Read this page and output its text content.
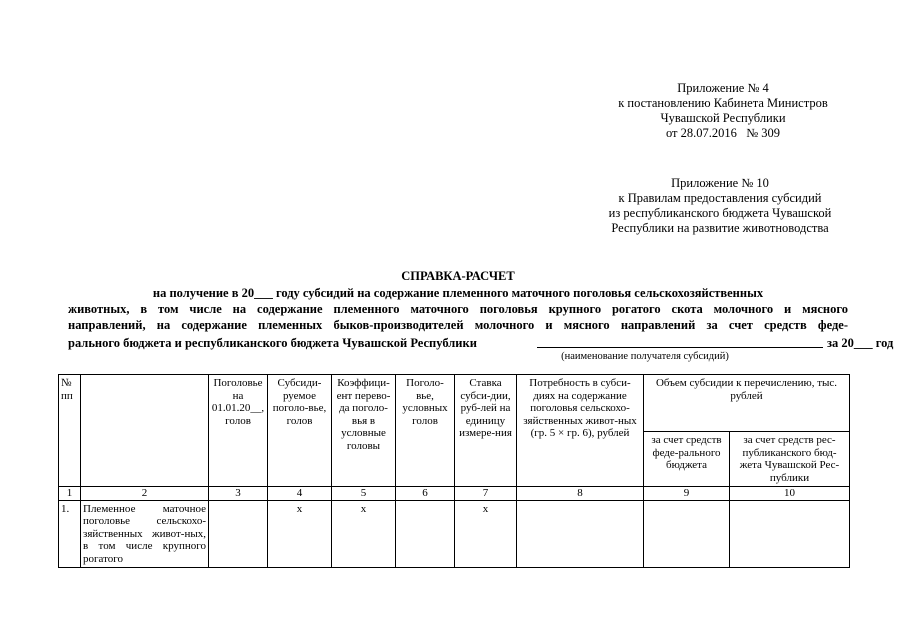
Приложение № 4
к постановлению Кабинета Министров
Чувашской Республики
от 28.07.2016   № 309
Приложение № 10
к Правилам предоставления субсидий
из республиканского бюджета Чувашской
Республики на развитие животноводства
СПРАВКА-РАСЧЕТ
на получение в 20___ году субсидий на содержание племенного маточного поголовья сельскохозяйственных
животных, в том числе на содержание племенного маточного поголовья крупного рогатого скота молочного и мясного
направлений, на содержание племенных быков-производителей молочного и мясного направлений за счет средств феде-
рального бюджета и республиканского бюджета Чувашской Республики	за 20___ год
(наименование получателя субсидий)
№ пп		Поголовье на 01.01.20__, голов	Субсиди-руемое поголо-вье, голов	Коэффици-ент перево-да поголо-вья в условные головы	Поголо-вье, условных голов	Ставка субси-дии, руб-лей на единицу измере-ния	Потребность в субси-диях на содержание поголовья сельскохо-зяйственных живот-ных (гр. 5 × гр. 6), рублей	Объем субсидии к перечислению, тыс. рублей	
								за счет средств феде-рального бюджета	за счет средств рес-публиканского бюд-жета Чувашской Рес-публики
1	2	3	4	5	6	7	8	9	10
1.	Племенное маточное поголовье сельскохо-зяйственных живот-ных, в том числе крупного рогатого		x	x		x			
